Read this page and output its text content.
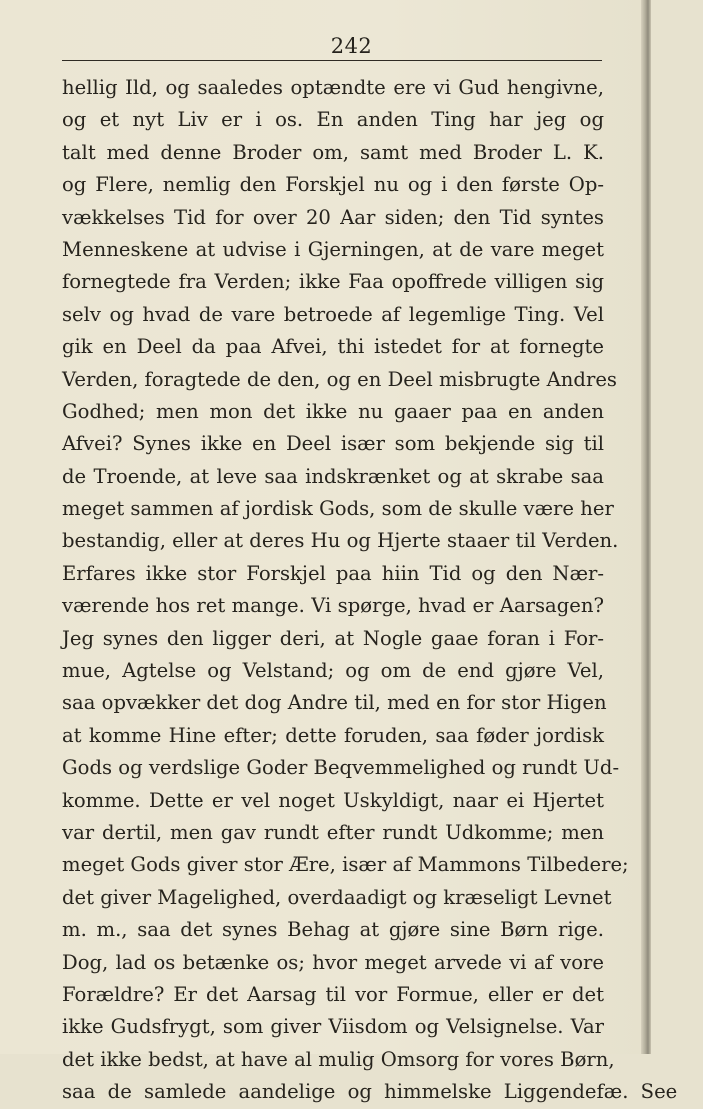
242
hellig Ild, og saaledes optændte ere vi Gud hengivne,
og et nyt Liv er i os. En anden Ting har jeg og
talt med denne Broder om, samt med Broder L. K.
og Flere, nemlig den Forskjel nu og i den første Op-
vækkelses Tid for over 20 Aar siden; den Tid syntes
Menneskene at udvise i Gjerningen, at de vare meget
fornegtede fra Verden; ikke Faa opoffrede villigen sig
selv og hvad de vare betroede af legemlige Ting. Vel
gik en Deel da paa Afvei, thi istedet for at fornegte
Verden, foragtede de den, og en Deel misbrugte Andres
Godhed; men mon det ikke nu gaaer paa en anden
Afvei? Synes ikke en Deel især som bekjende sig til
de Troende, at leve saa indskrænket og at skrabe saa
meget sammen af jordisk Gods, som de skulle være her
bestandig, eller at deres Hu og Hjerte staaer til Verden.
Erfares ikke stor Forskjel paa hiin Tid og den Nær-
værende hos ret mange. Vi spørge, hvad er Aarsagen?
Jeg synes den ligger deri, at Nogle gaae foran i For-
mue, Agtelse og Velstand; og om de end gjøre Vel,
saa opvækker det dog Andre til, med en for stor Higen
at komme Hine efter; dette foruden, saa føder jordisk
Gods og verdslige Goder Beqvemmelighed og rundt Ud-
komme. Dette er vel noget Uskyldigt, naar ei Hjertet
var dertil, men gav rundt efter rundt Udkomme; men
meget Gods giver stor Ære, især af Mammons Tilbedere;
det giver Magelighed, overdaadigt og kræseligt Levnet
m. m., saa det synes Behag at gjøre sine Børn rige.
Dog, lad os betænke os; hvor meget arvede vi af vore
Forældre? Er det Aarsag til vor Formue, eller er det
ikke Gudsfrygt, som giver Viisdom og Velsignelse. Var
det ikke bedst, at have al mulig Omsorg for vores Børn,
saa de samlede aandelige og himmelske Liggendefæ. See
